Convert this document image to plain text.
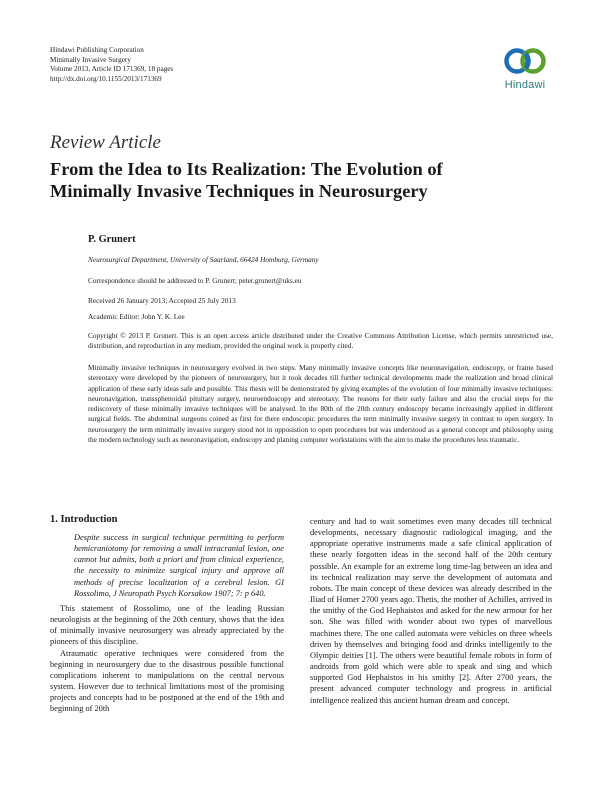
Hindawi Publishing Corporation
Minimally Invasive Surgery
Volume 2013, Article ID 171369, 18 pages
http://dx.doi.org/10.1155/2013/171369
Hindawi
Review Article
From the Idea to Its Realization: The Evolution of
Minimally Invasive Techniques in Neurosurgery
P. Grunert
Neurosurgical Department, University of Saarland, 66424 Homburg, Germany
Correspondence should be addressed to P. Grunert; peter.grunert@uks.eu
Received 26 January 2013; Accepted 25 July 2013
Academic Editor: John Y. K. Lee
Copyright © 2013 P. Grunert. This is an open access article distributed under the Creative Commons Attribution License, which permits unrestricted use, distribution, and reproduction in any medium, provided the original work is properly cited.
Minimally invasive techniques in neurosurgery evolved in two steps. Many minimally invasive concepts like neuronavigation, endoscopy, or frame based stereotaxy were developed by the pioneers of neurosurgery, but it took decades till further technical developments made the realization and broad clinical application of these early ideas safe and possible. This thesis will be demonstrated by giving examples of the evolution of four minimally invasive techniques: neuronavigation, transsphenoidal pituitary surgery, neuroendoscopy and stereotaxy. The reasons for their early failure and also the crucial steps for the rediscovery of these minimally invasive techniques will be analysed. In the 80th of the 20th century endoscopy became increasingly applied in different surgical fields. The abdominal surgeons coined as first for there endoscopic procedures the term minimally invasive surgery in contrast to open surgery. In neurosurgery the term minimally invasive surgery stood not in opposistion to open procedures but was understood as a general concept and philosophy using the modern technology such as neuronavigation, endoscopy and planing computer workstations with the aim to make the procedures less traumatic.
1. Introduction

Despite success in surgical technique permitting to perform hemicraniotomy for removing a small intracranial lesion, one cannot but admits, both a priori and from clinical experience, the necessity to minimize surgical injury and approve all methods of precise localization of a cerebral lesion. GI Rossolimo, J Neuropath Psych Korsakow 1907; 7: p 640.

This statement of Rossolimo, one of the leading Russian neurologists at the beginning of the 20th century, shows that the idea of minimally invasive neurosurgery was already appreciated by the pioneers of this discipline.

Atraumatic operative techniques were considered from the beginning in neurosurgery due to the disastrous possible functional complications inherent to manipulations on the central nervous system. However due to technical limitations most of the promising projects and concepts had to be postponed at the end of the 19th and beginning of 20th

century and had to wait sometimes even many decades till technical developments, necessary diagnostic radiological imaging, and the appropriate operative instruments made a safe clinical application of these nearly forgotten ideas in the second half of the 20th century possible. An example for an extreme long time-lag between an idea and its technical realization may serve the development of automata and robots. The main concept of these devices was already described in the Iliad of Homer 2700 years ago. Thetis, the mother of Achilles, arrived in the smithy of the God Hephaistos and asked for the new armour for her son. She was filled with wonder about two types of marvellous machines there. The one called automata were vehicles on three wheels driven by themselves and bringing food and drinks intelligently to the Olympic deities [1]. The others were beautiful female robots in form of androids from gold which were able to speak and sing and which supported God Hephaistos in his smithy [2]. After 2700 years, the present advanced computer technology and progress in artificial intelligence realized this ancient human dream and concept.
